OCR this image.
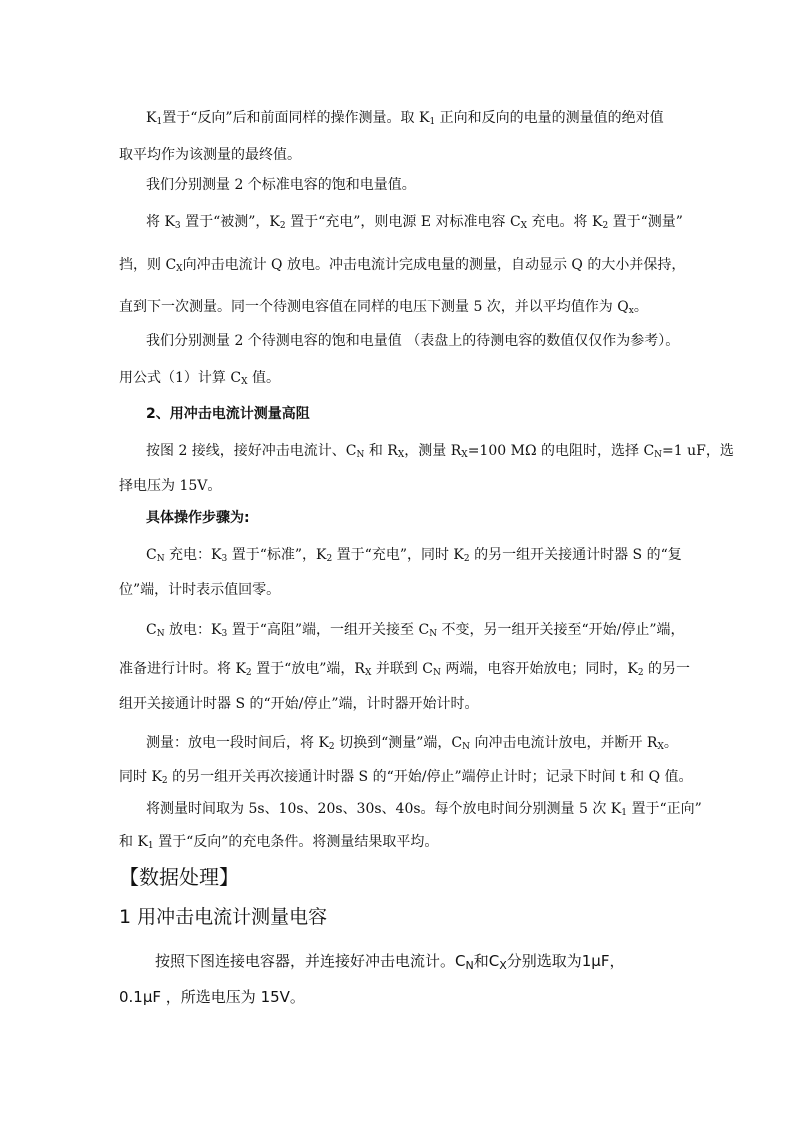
$K_1$置于“反向”后和前面同样的操作测量。取 $K_1$ 正向和反向的电量的测量值的绝对值
取平均作为该测量的最终值。
我们分别测量 2 个标准电容的饱和电量值。
将 $K_3$ 置于“被测”，$K_2$ 置于“充电”，则电源 E 对标准电容 $C_X$ 充电。将 $K_2$ 置于“测量”
挡，则 $C_X$向冲击电流计 Q 放电。冲击电流计完成电量的测量，自动显示 Q 的大小并保持，
直到下一次测量。同一个待测电容值在同样的电压下测量 5 次，并以平均值作为 $Q_x$。
我们分别测量 2 个待测电容的饱和电量值 （表盘上的待测电容的数值仅仅作为参考）。
用公式（1）计算 $C_X$ 值。
2、用冲击电流计测量高阻
按图 2 接线，接好冲击电流计、$C_N$ 和 $R_X$，测量 $R_X=100$ MΩ 的电阻时，选择 $C_N=1$ uF，选
择电压为 15V。
具体操作步骤为:
$C_N$ 充电：$K_3$ 置于“标准”，$K_2$ 置于“充电”，同时 $K_2$ 的另一组开关接通计时器 S 的“复
位”端，计时表示值回零。
$C_N$ 放电：$K_3$ 置于“高阻”端，一组开关接至 $C_N$ 不变，另一组开关接至“开始/停止”端，
准备进行计时。将 $K_2$ 置于“放电”端，$R_X$ 并联到 $C_N$ 两端，电容开始放电；同时，$K_2$ 的另一
组开关接通计时器 S 的“开始/停止”端，计时器开始计时。
测量：放电一段时间后，将 $K_2$ 切换到“测量”端，$C_N$ 向冲击电流计放电，并断开 $R_X$。
同时 $K_2$ 的另一组开关再次接通计时器 S 的“开始/停止”端停止计时；记录下时间 t 和 Q 值。
将测量时间取为 5s、10s、20s、30s、40s。每个放电时间分别测量 5 次 $K_1$ 置于“正向”
和 $K_1$ 置于“反向”的充电条件。将测量结果取平均。
【数据处理】
1 用冲击电流计测量电容
按照下图连接电容器，并连接好冲击电流计。$C_N$和$C_X$分别选取为1μF，
0.1μF ，所选电压为 15V。
